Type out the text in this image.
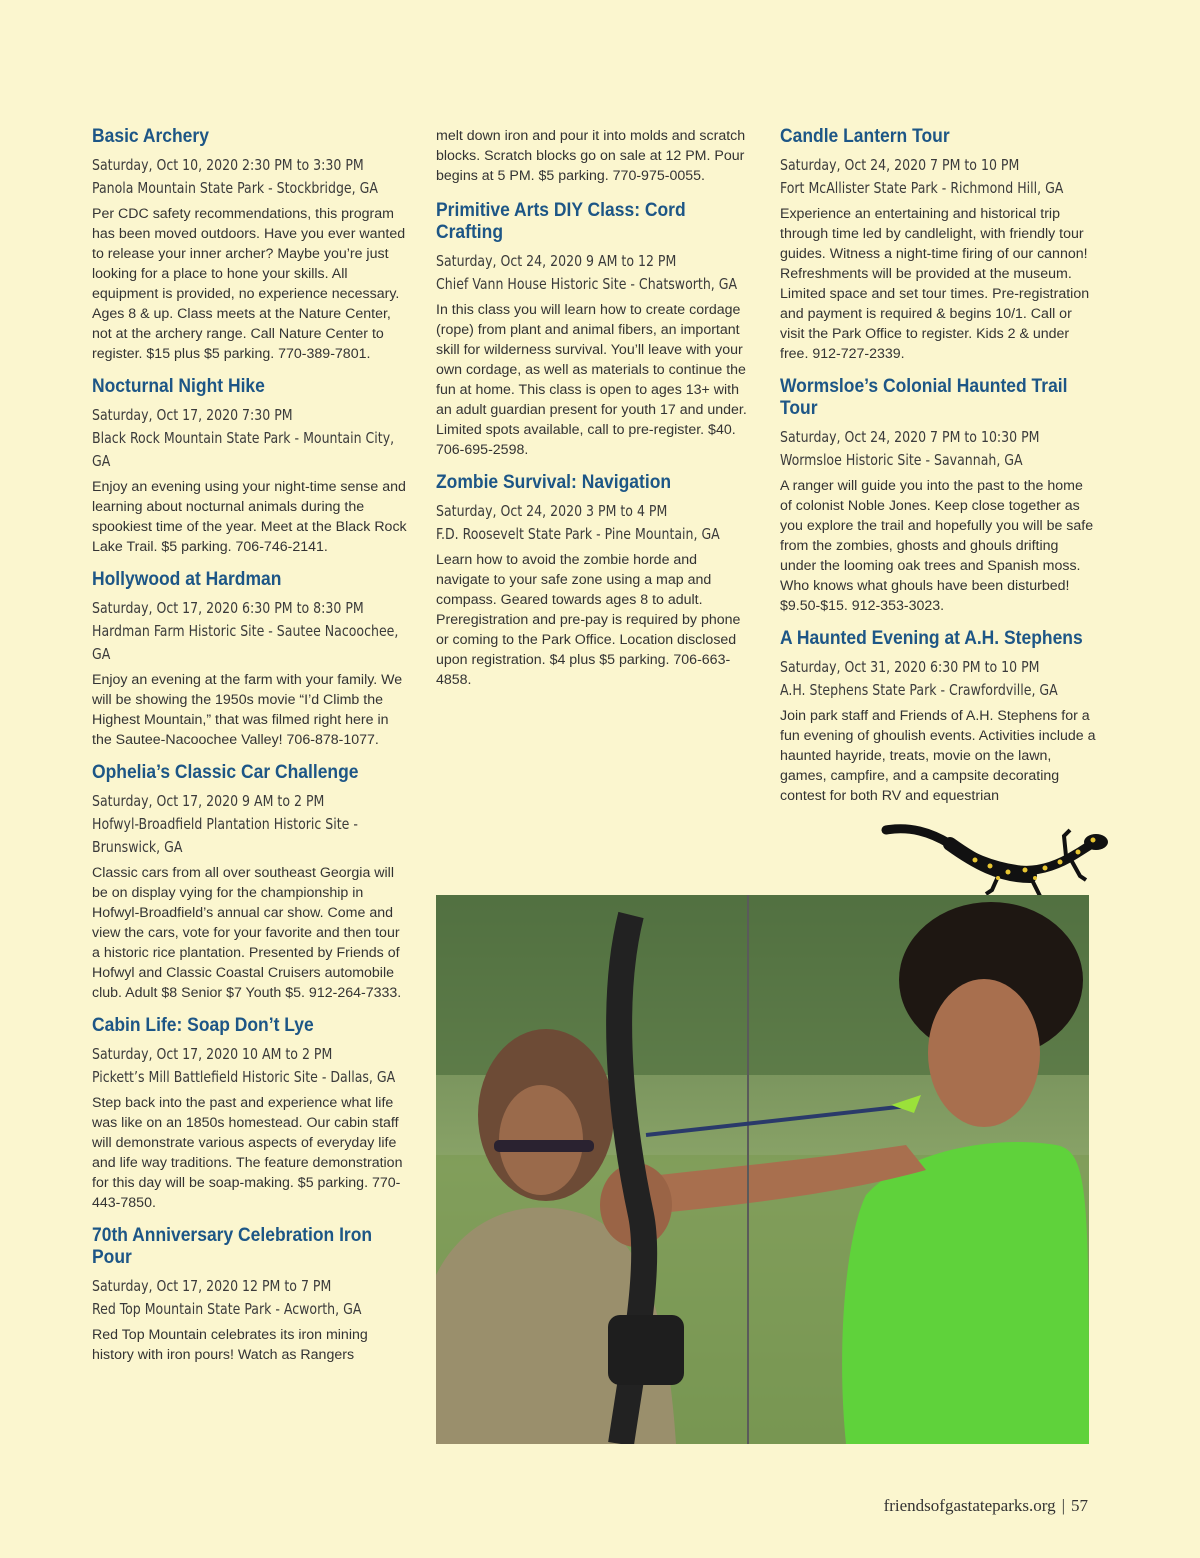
Basic Archery
Saturday, Oct 10, 2020 2:30 PM to 3:30 PM
Panola Mountain State Park - Stockbridge, GA
Per CDC safety recommendations, this program has been moved outdoors. Have you ever wanted to release your inner archer? Maybe you’re just looking for a place to hone your skills. All equipment is provided, no experience necessary. Ages 8 & up. Class meets at the Nature Center, not at the archery range. Call Nature Center to register. $15 plus $5 parking. 770-389-7801.
Nocturnal Night Hike
Saturday, Oct 17, 2020 7:30 PM
Black Rock Mountain State Park - Mountain City, GA
Enjoy an evening using your night-time sense and learning about nocturnal animals during the spookiest time of the year. Meet at the Black Rock Lake Trail. $5 parking. 706-746-2141.
Hollywood at Hardman
Saturday, Oct 17, 2020 6:30 PM to 8:30 PM
Hardman Farm Historic Site - Sautee Nacoochee, GA
Enjoy an evening at the farm with your family. We will be showing the 1950s movie “I’d Climb the Highest Mountain,” that was filmed right here in the Sautee-Nacoochee Valley! 706-878-1077.
Ophelia’s Classic Car Challenge
Saturday, Oct 17, 2020 9 AM to 2 PM
Hofwyl-Broadfield Plantation Historic Site - Brunswick, GA
Classic cars from all over southeast Georgia will be on display vying for the championship in Hofwyl-Broadfield’s annual car show. Come and view the cars, vote for your favorite and then tour a historic rice plantation. Presented by Friends of Hofwyl and Classic Coastal Cruisers automobile club. Adult $8 Senior $7 Youth $5. 912-264-7333.
Cabin Life: Soap Don’t Lye
Saturday, Oct 17, 2020 10 AM to 2 PM
Pickett’s Mill Battlefield Historic Site - Dallas, GA
Step back into the past and experience what life was like on an 1850s homestead. Our cabin staff will demonstrate various aspects of everyday life and life way traditions. The feature demonstration for this day will be soap-making. $5 parking. 770-443-7850.
70th Anniversary Celebration Iron Pour
Saturday, Oct 17, 2020 12 PM to 7 PM
Red Top Mountain State Park - Acworth, GA
Red Top Mountain celebrates its iron mining history with iron pours! Watch as Rangers
melt down iron and pour it into molds and scratch blocks. Scratch blocks go on sale at 12 PM. Pour begins at 5 PM. $5 parking. 770-975-0055.
Primitive Arts DIY Class: Cord Crafting
Saturday, Oct 24, 2020 9 AM to 12 PM
Chief Vann House Historic Site - Chatsworth, GA
In this class you will learn how to create cordage (rope) from plant and animal fibers, an important skill for wilderness survival. You’ll leave with your own cordage, as well as materials to continue the fun at home. This class is open to ages 13+ with an adult guardian present for youth 17 and under. Limited spots available, call to pre-register. $40. 706-695-2598.
Zombie Survival: Navigation
Saturday, Oct 24, 2020 3 PM to 4 PM
F.D. Roosevelt State Park - Pine Mountain, GA
Learn how to avoid the zombie horde and navigate to your safe zone using a map and compass. Geared towards ages 8 to adult. Preregistration and pre-pay is required by phone or coming to the Park Office. Location disclosed upon registration. $4 plus $5 parking. 706-663-4858.
Candle Lantern Tour
Saturday, Oct 24, 2020 7 PM to 10 PM
Fort McAllister State Park - Richmond Hill, GA
Experience an entertaining and historical trip through time led by candlelight, with friendly tour guides. Witness a night-time firing of our cannon! Refreshments will be provided at the museum. Limited space and set tour times. Pre-registration and payment is required & begins 10/1. Call or visit the Park Office to register. Kids 2 & under free. 912-727-2339.
Wormsloe’s Colonial Haunted Trail Tour
Saturday, Oct 24, 2020 7 PM to 10:30 PM
Wormsloe Historic Site - Savannah, GA
A ranger will guide you into the past to the home of colonist Noble Jones. Keep close together as you explore the trail and hopefully you will be safe from the zombies, ghosts and ghouls drifting under the looming oak trees and Spanish moss. Who knows what ghouls have been disturbed! $9.50-$15. 912-353-3023.
A Haunted Evening at A.H. Stephens
Saturday, Oct 31, 2020 6:30 PM to 10 PM
A.H. Stephens State Park - Crawfordville, GA
Join park staff and Friends of A.H. Stephens for a fun evening of ghoulish events. Activities include a haunted hayride, treats, movie on the lawn, games, campfire, and a campsite decorating contest for both RV and equestrian
friendsofgastateparks.org | 57
